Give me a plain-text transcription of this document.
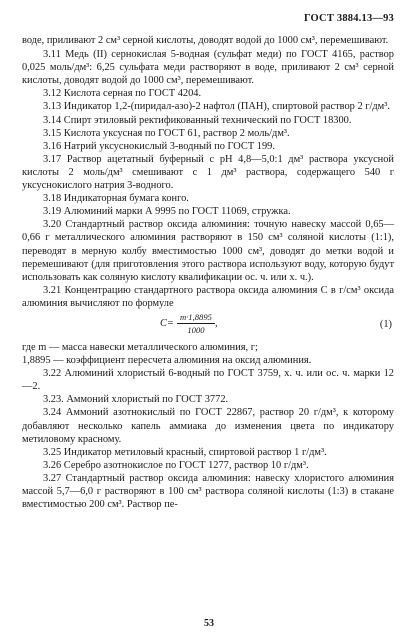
ГОСТ 3884.13—93

воде, приливают 2 см³ серной кислоты, доводят водой до 1000 см³, перемешивают.

3.11 Медь (II) сернокислая 5-водная (сульфат меди) по ГОСТ 4165, раствор 0,025 моль/дм³: 6,25 сульфата меди растворяют в воде, приливают 2 см³ серной кислоты, доводят водой до 1000 см³, перемешивают.

3.12 Кислота серная по ГОСТ 4204.

3.13 Индикатор 1,2-(пиридал-азо)-2 нафтол (ПАН), спиртовой раствор 2 г/дм³.

3.14 Спирт этиловый ректификованный технический по ГОСТ 18300.

3.15 Кислота уксусная по ГОСТ 61, раствор 2 моль/дм³.

3.16 Натрий уксуснокислый 3-водный по ГОСТ 199.

3.17 Раствор ацетатный буферный с рН 4,8—5,0:1 дм³ раствора уксусной кислоты 2 моль/дм³ смешивают с 1 дм³ раствора, содержащего 540 г уксуснокислого натрия 3-водного.

3.18 Индикаторная бумага конго.

3.19 Алюминий марки А 9995 по ГОСТ 11069, стружка.

3.20 Стандартный раствор оксида алюминия: точную навеску массой 0,65— 0,66 г металлического алюминия растворяют в 150 см³ соляной кислоты (1:1), переводят в мерную колбу вместимостью 1000 см³, доводят до метки водой и перемешивают (для приготовления этого раствора используют воду, которую будут использовать как соляную кислоту квалификации ос. ч. или х. ч.).

3.21 Концентрацию стандартного раствора оксида алюминия С в г/см³ оксида алюминия вычисляют по формуле

$C= \frac{m\cdot 1,8895}{1000}$ ,	(1)

где m — масса навески металлического алюминия, г;

1,8895 — коэффициент пересчета алюминия на оксид алюминия.

3.22 Алюминий хлористый 6-водный по ГОСТ 3759, х. ч. или ос. ч. марки 12—2.

3.23. Аммоний хлористый по ГОСТ 3772.

3.24 Аммоний азотнокислый по ГОСТ 22867, раствор 20 г/дм³, к которому добавляют несколько капель аммиака до изменения цвета по индикатору метиловому красному.

3.25 Индикатор метиловый красный, спиртовой раствор 1 г/дм³.

3.26 Серебро азотнокислое по ГОСТ 1277, раствор 10 г/дм³.

3.27 Стандартный раствор оксида алюминия: навеску хлористого алюминия массой 5,7—6,0 г растворяют в 100 см³ раствора соляной кислоты (1:3) в стакане вместимостью 200 см³. Раствор пе-

53
